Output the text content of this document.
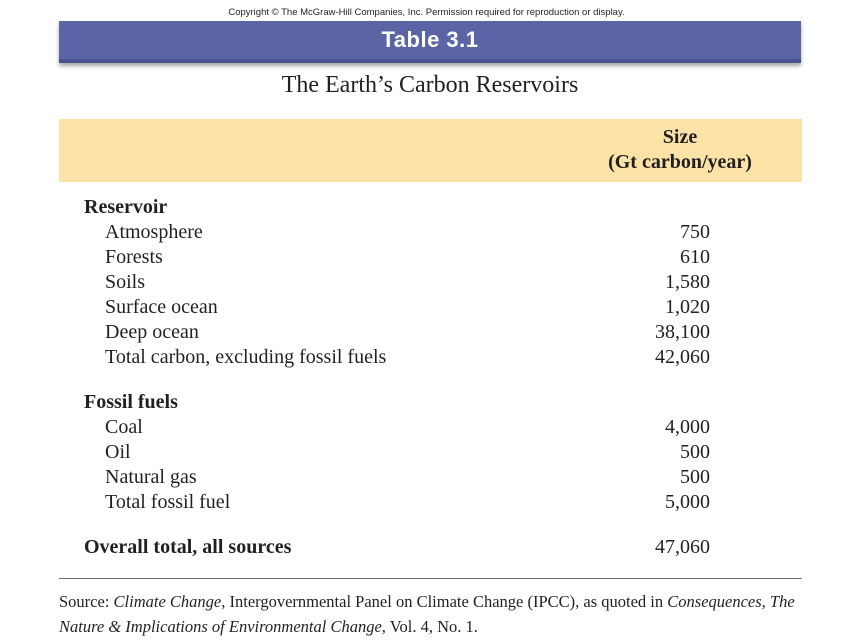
Copyright © The McGraw-Hill Companies, Inc. Permission required for reproduction or display.
Table 3.1
The Earth’s Carbon Reservoirs
Size
(Gt carbon/year)
Reservoir
Atmosphere	750
Forests	610
Soils	1,580
Surface ocean	1,020
Deep ocean	38,100
Total carbon, excluding fossil fuels	42,060
Fossil fuels
Coal	4,000
Oil	500
Natural gas	500
Total fossil fuel	5,000
Overall total, all sources	47,060
Source: Climate Change, Intergovernmental Panel on Climate Change (IPCC), as quoted in Consequences, The Nature & Implications of Environmental Change, Vol. 4, No. 1.
